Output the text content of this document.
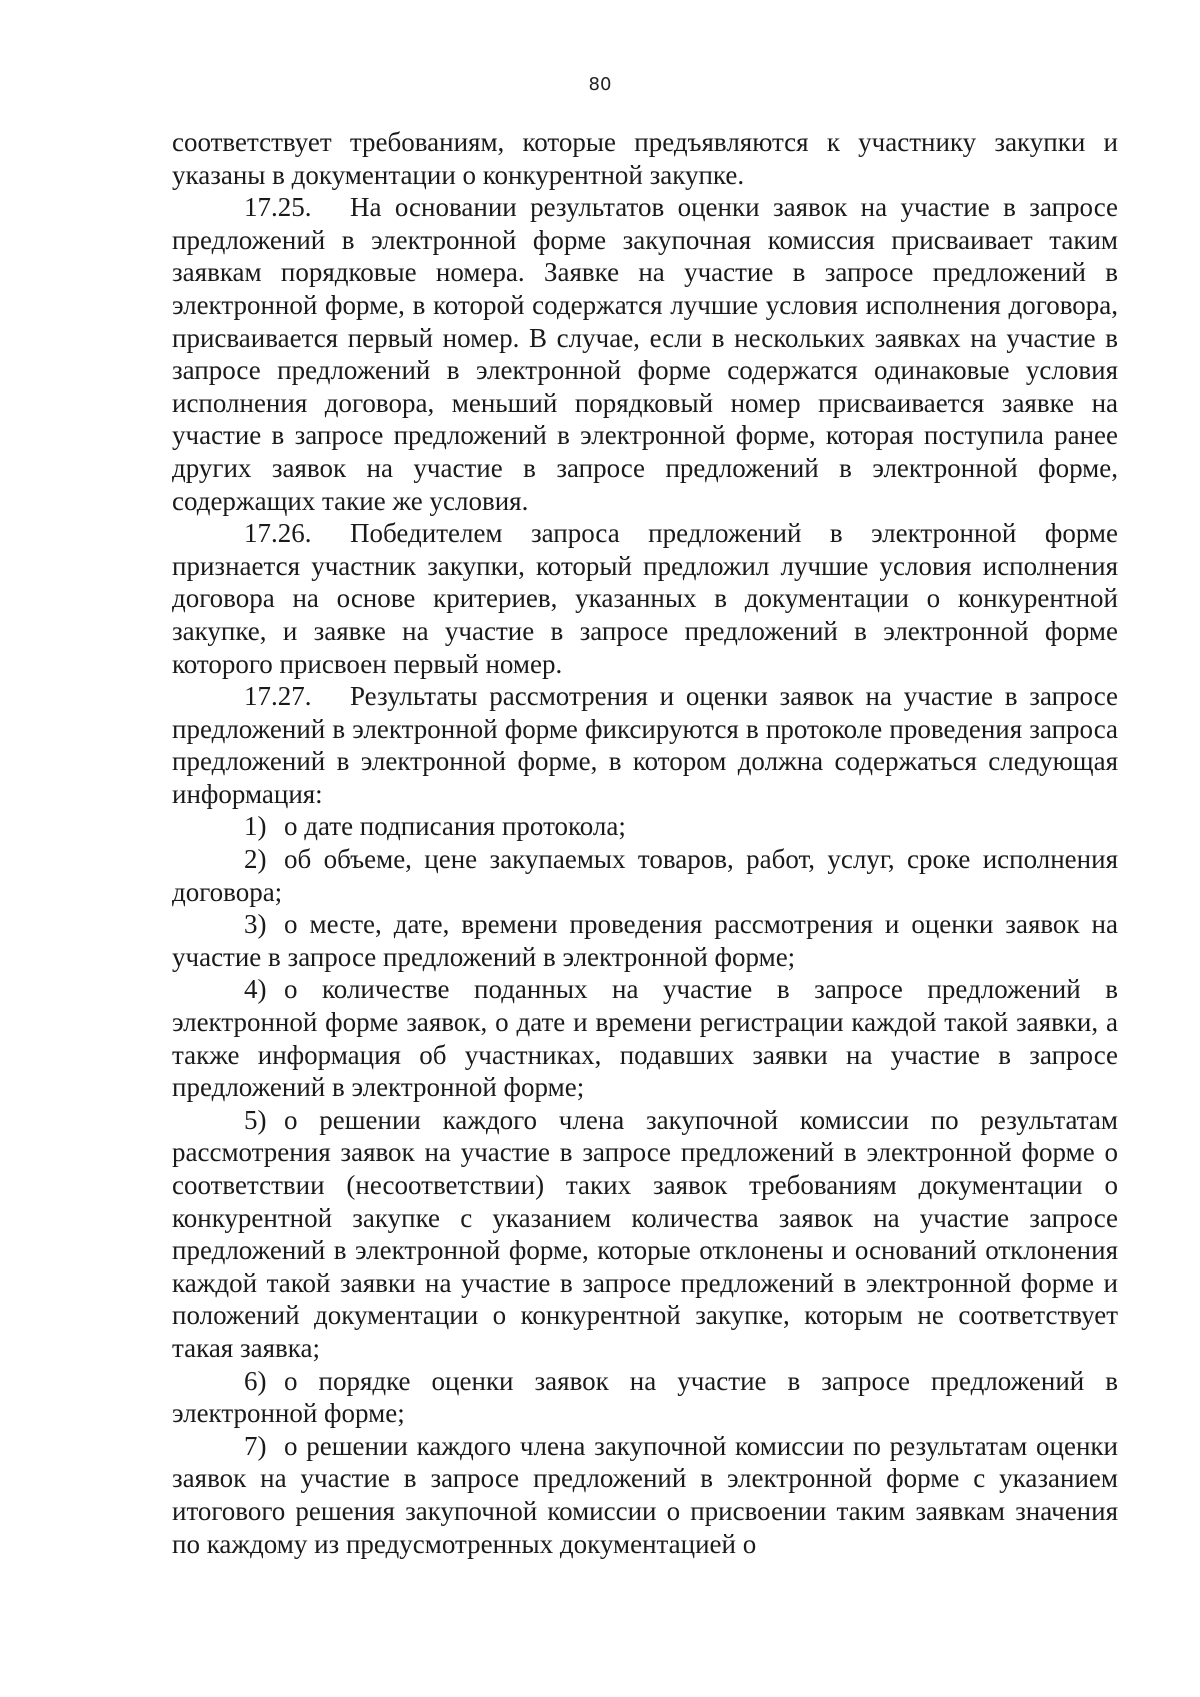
80

соответствует требованиям, которые предъявляются к участнику закупки и указаны в документации о конкурентной закупке.

17.25. На основании результатов оценки заявок на участие в запросе предложений в электронной форме закупочная комиссия присваивает таким заявкам порядковые номера. Заявке на участие в запросе предложений в электронной форме, в которой содержатся лучшие условия исполнения договора, присваивается первый номер. В случае, если в нескольких заявках на участие в запросе предложений в электронной форме содержатся одинаковые условия исполнения договора, меньший порядковый номер присваивается заявке на участие в запросе предложений в электронной форме, которая поступила ранее других заявок на участие в запросе предложений в электронной форме, содержащих такие же условия.

17.26. Победителем запроса предложений в электронной форме признается участник закупки, который предложил лучшие условия исполнения договора на основе критериев, указанных в документации о конкурентной закупке, и заявке на участие в запросе предложений в электронной форме которого присвоен первый номер.

17.27. Результаты рассмотрения и оценки заявок на участие в запросе предложений в электронной форме фиксируются в протоколе проведения запроса предложений в электронной форме, в котором должна содержаться следующая информация:

1) о дате подписания протокола;

2) об объеме, цене закупаемых товаров, работ, услуг, сроке исполнения договора;

3) о месте, дате, времени проведения рассмотрения и оценки заявок на участие в запросе предложений в электронной форме;

4) о количестве поданных на участие в запросе предложений в электронной форме заявок, о дате и времени регистрации каждой такой заявки, а также информация об участниках, подавших заявки на участие в запросе предложений в электронной форме;

5) о решении каждого члена закупочной комиссии по результатам рассмотрения заявок на участие в запросе предложений в электронной форме о соответствии (несоответствии) таких заявок требованиям документации о конкурентной закупке с указанием количества заявок на участие запросе предложений в электронной форме, которые отклонены и оснований отклонения каждой такой заявки на участие в запросе предложений в электронной форме и положений документации о конкурентной закупке, которым не соответствует такая заявка;

6) о порядке оценки заявок на участие в запросе предложений в электронной форме;

7) о решении каждого члена закупочной комиссии по результатам оценки заявок на участие в запросе предложений в электронной форме с указанием итогового решения закупочной комиссии о присвоении таким заявкам значения по каждому из предусмотренных документацией о
